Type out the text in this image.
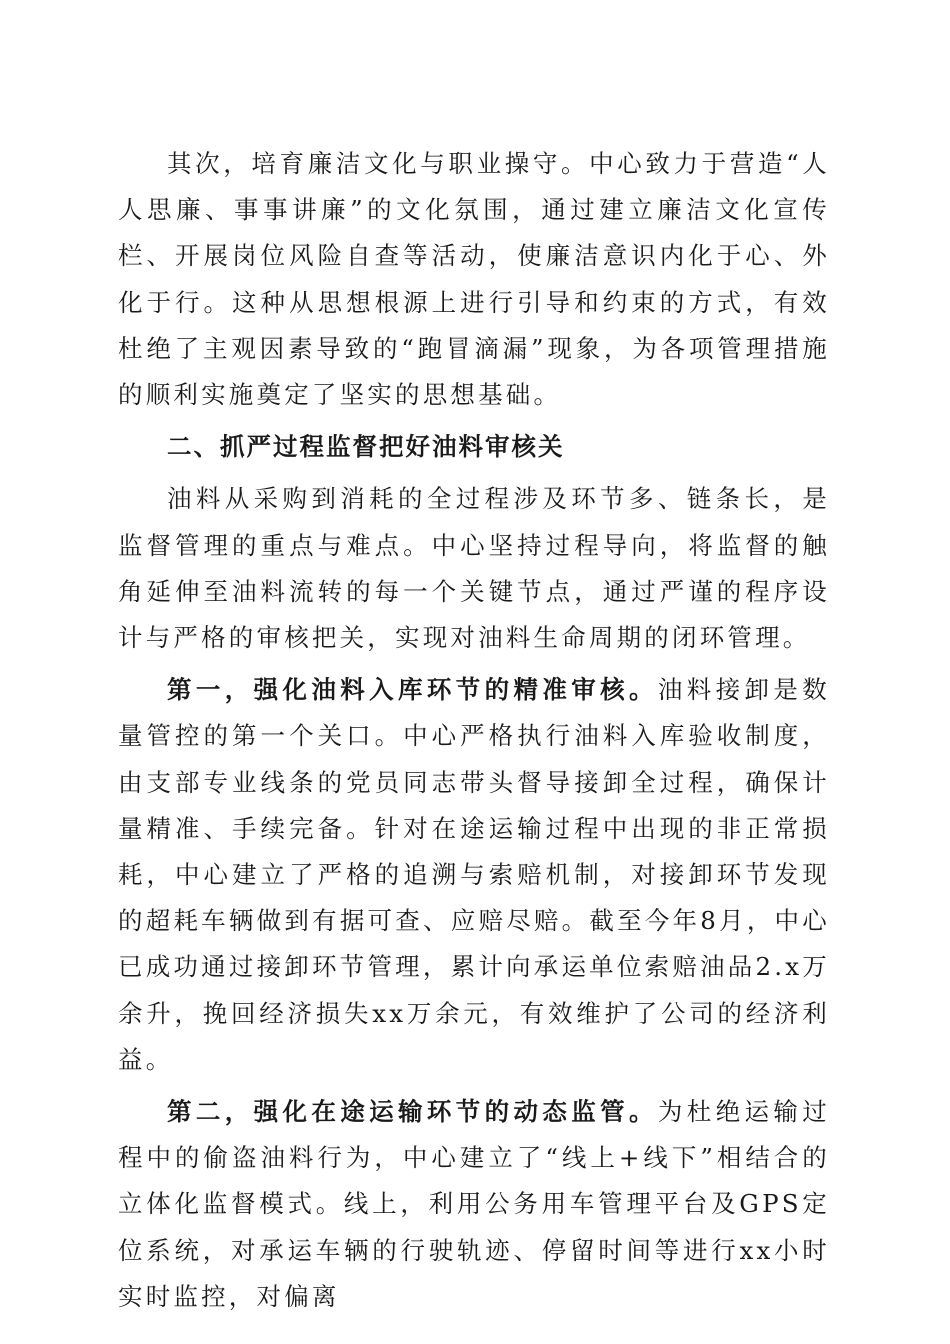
其次，培育廉洁文化与职业操守。中心致力于营造“人人思廉、事事讲廉”的文化氛围，通过建立廉洁文化宣传栏、开展岗位风险自查等活动，使廉洁意识内化于心、外化于行。这种从思想根源上进行引导和约束的方式，有效杜绝了主观因素导致的“跑冒滴漏”现象，为各项管理措施的顺利实施奠定了坚实的思想基础。

二、抓严过程监督把好油料审核关

油料从采购到消耗的全过程涉及环节多、链条长，是监督管理的重点与难点。中心坚持过程导向，将监督的触角延伸至油料流转的每一个关键节点，通过严谨的程序设计与严格的审核把关，实现对油料生命周期的闭环管理。

第一，强化油料入库环节的精准审核。油料接卸是数量管控的第一个关口。中心严格执行油料入库验收制度，由支部专业线条的党员同志带头督导接卸全过程，确保计量精准、手续完备。针对在途运输过程中出现的非正常损耗，中心建立了严格的追溯与索赔机制，对接卸环节发现的超耗车辆做到有据可查、应赔尽赔。截至今年8月，中心已成功通过接卸环节管理，累计向承运单位索赔油品2.x万余升，挽回经济损失xx万余元，有效维护了公司的经济利益。

第二，强化在途运输环节的动态监管。为杜绝运输过程中的偷盗油料行为，中心建立了“线上+线下”相结合的立体化监督模式。线上，利用公务用车管理平台及GPS定位系统，对承运车辆的行驶轨迹、停留时间等进行xx小时实时监控，对偏离
